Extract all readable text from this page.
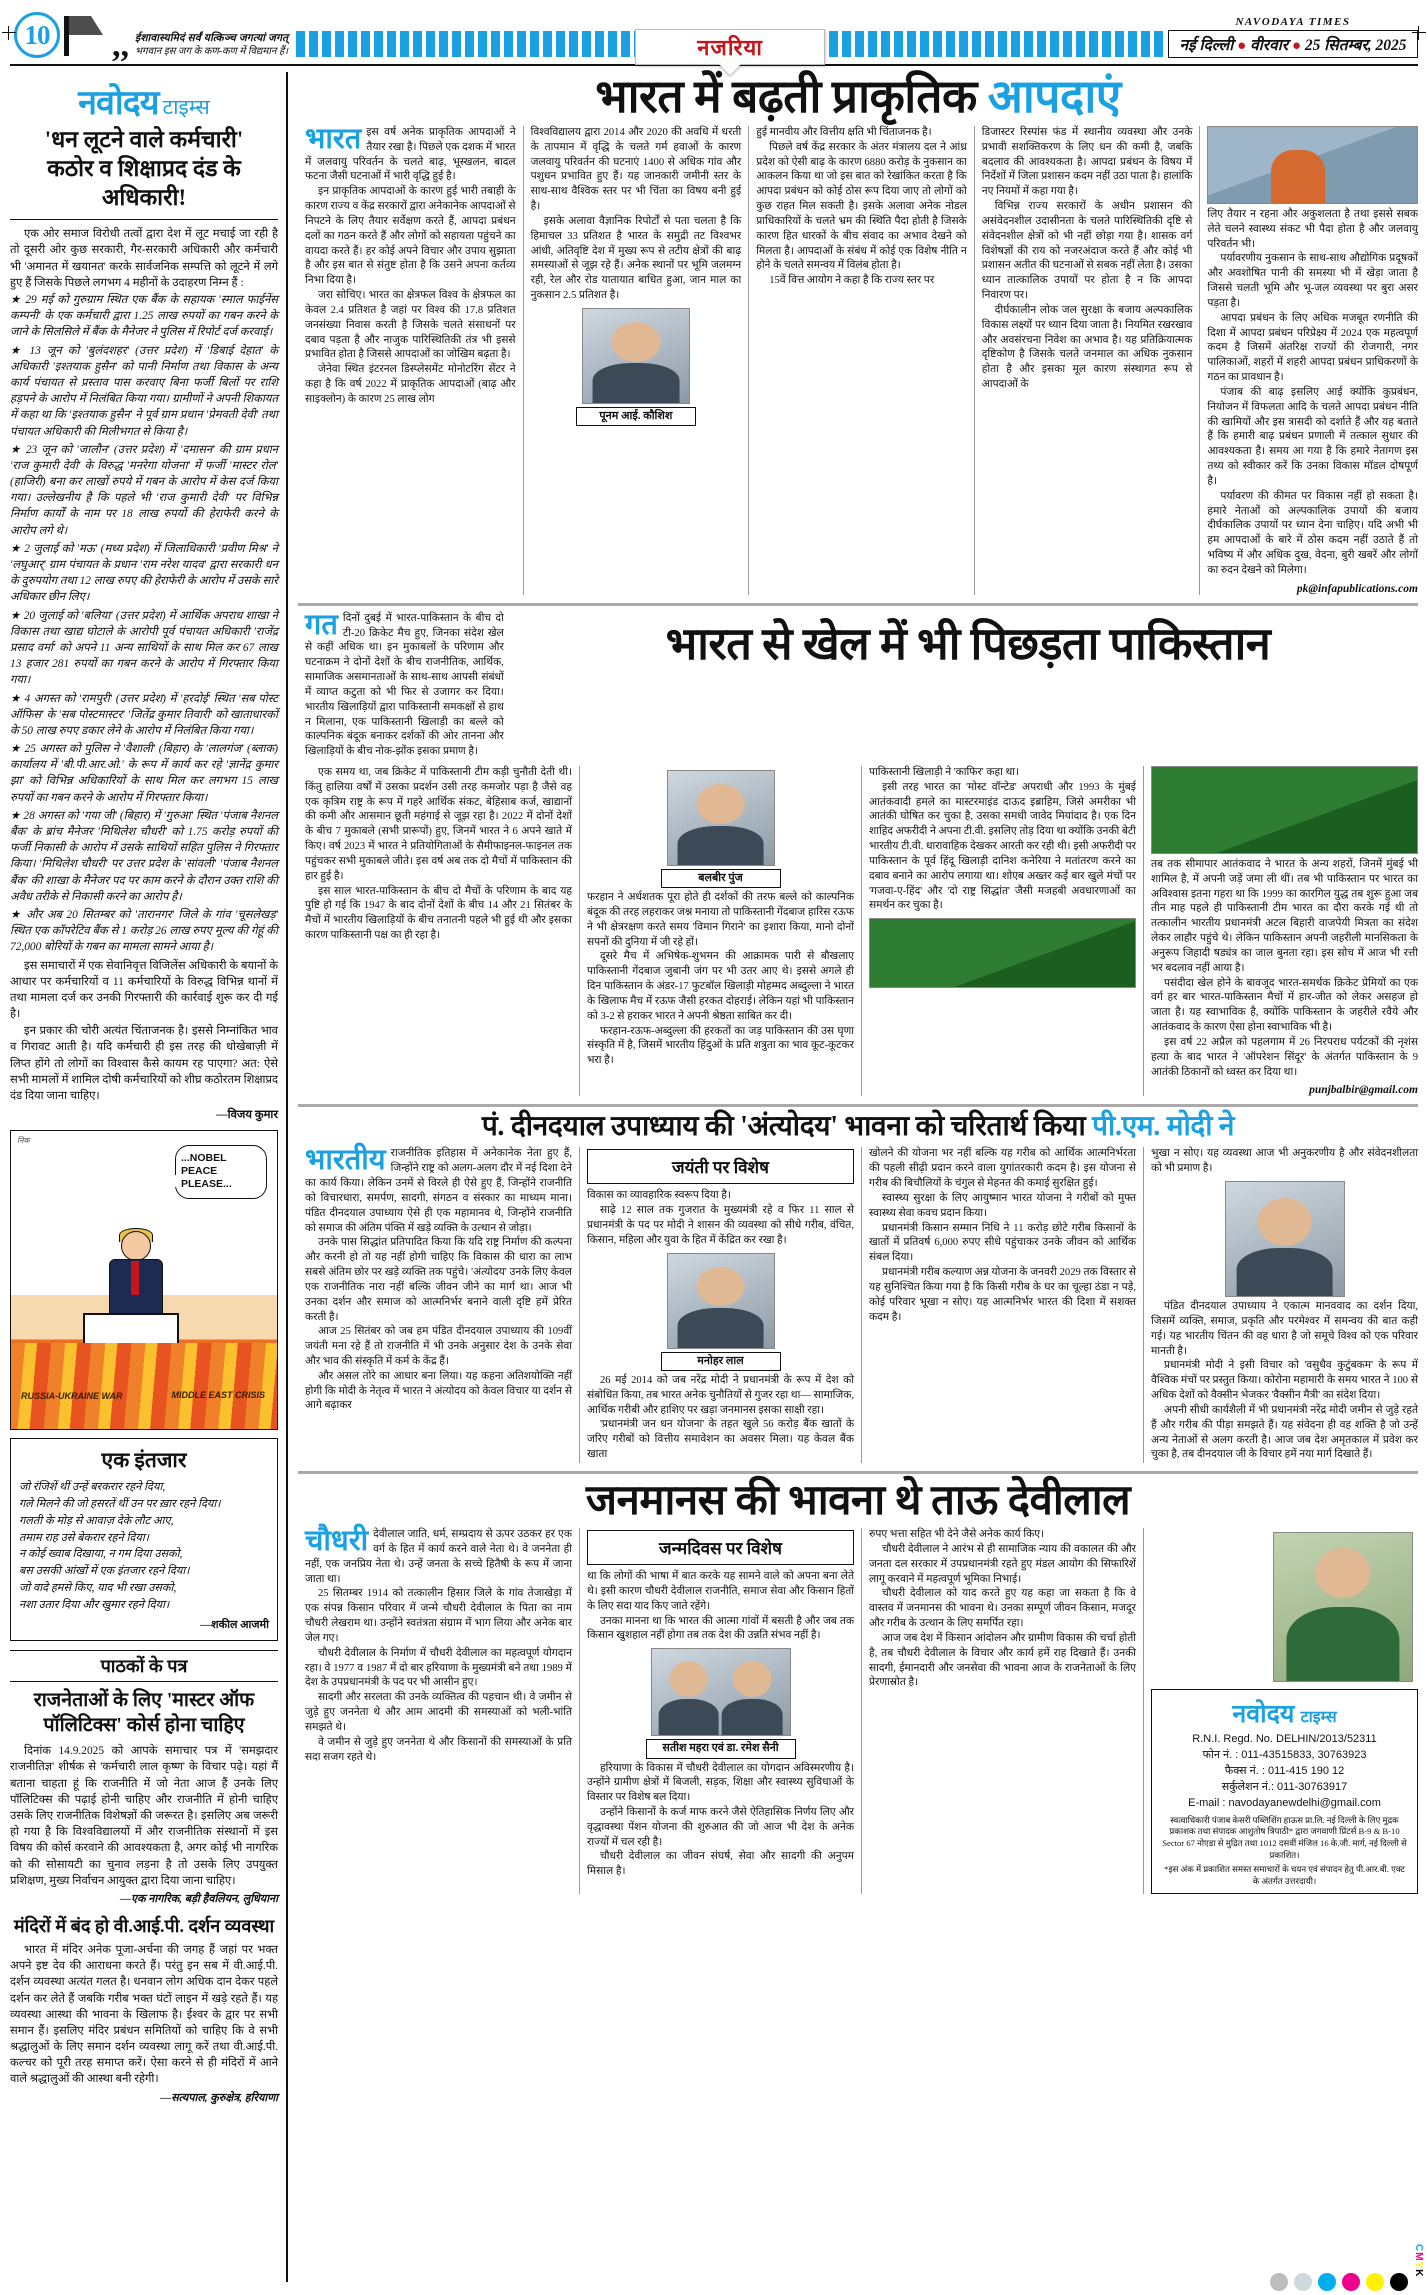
10	,, ईशावास्यमिदं सर्वं यत्किञ्च जगत्यां जगत्
भगवान इस जग के कण-कण में विद्यमान हैं।	नजरिया
NAVODAYA TIMES
नई दिल्ली ● वीरवार ● 25 सितम्बर, 2025
नवोदय टाइम्स
'धन लूटने वाले कर्मचारी'
कठोर व शिक्षाप्रद दंड के अधिकारी!

एक ओर समाज विरोधी तत्वों द्वारा देश में लूट मचाई जा रही है तो दूसरी ओर कुछ सरकारी, गैर-सरकारी अधिकारी और कर्मचारी भी 'अमानत में खयानत' करके सार्वजनिक सम्पत्ति को लूटने में लगे हुए हैं जिसके पिछले लगभग 4 महीनों के उदाहरण निम्न हैं :

★ 29 मई को गुरुग्राम स्थित एक बैंक के सहायक 'स्माल फाईनेंस कम्पनी' के एक कर्मचारी द्वारा 1.25 लाख रुपयों का गबन करने के जाने के सिलसिले में बैंक के मैनेजर ने पुलिस में रिपोर्ट दर्ज करवाई।

★ 13 जून को 'बुलंदशहर' (उत्तर प्रदेश) में 'डिबाई देहात' के अधिकारी 'इश्तयाक हुसैन' को पानी निर्माण तथा विकास के अन्य कार्य पंचायत से प्रस्ताव पास करवाए बिना फर्जी बिलों पर राशि हड़पने के आरोप में निलंबित किया गया। ग्रामीणों ने अपनी शिकायत में कहा था कि 'इश्तयाक हुसैन' ने पूर्व ग्राम प्रधान 'प्रेमवती देवी' तथा पंचायत अधिकारी की मिलीभगत से किया है।

★ 23 जून को 'जालौन' (उत्तर प्रदेश) में 'दमासन' की ग्राम प्रधान 'राज कुमारी देवी' के विरुद्ध 'मनरेगा योजना' में फर्जी 'मास्टर रोल' (हाजिरी) बना कर लाखों रुपये में गबन के आरोप में केस दर्ज किया गया। उल्लेखनीय है कि पहले भी 'राज कुमारी देवी' पर विभिन्न निर्माण कार्यों के नाम पर 18 लाख रुपयों की हेराफेरी करने के आरोप लगे थे।

★ 2 जुलाई को 'मऊ' (मध्य प्रदेश) में जिलाधिकारी 'प्रवीण मिश्र' ने 'लघुआर्' ग्राम पंचायत के प्रधान 'राम नरेश यादव' द्वारा सरकारी धन के दुरुपयोग तथा 12 लाख रुपए की हेराफेरी के आरोप में उसके सारे अधिकार छीन लिए।

★ 20 जुलाई को 'बलिया' (उत्तर प्रदेश) में आर्थिक अपराध शाखा ने विकास तथा खाद्य घोटाले के आरोपी पूर्व पंचायत अधिकारी 'राजेंद्र प्रसाद वर्मा' को अपने 11 अन्य साथियों के साथ मिल कर 67 लाख 13 हजार 281 रुपयों का गबन करने के आरोप में गिरफ्तार किया गया।

★ 4 अगस्त को 'रामपुरी' (उत्तर प्रदेश) में 'हरदोई' स्थित 'सब पोस्ट ऑफिस' के 'सब पोस्टमास्टर' 'जितेंद्र कुमार तिवारी' को खाताधारकों के 50 लाख रुपए डकार लेने के आरोप में निलंबित किया गया।

★ 25 अगस्त को पुलिस ने 'वैशाली' (बिहार) के 'लालगंज' (ब्लाक) कार्यालय में 'बी.पी.आर.ओ.' के रूप में कार्य कर रहे 'ज्ञानेंद्र कुमार झा' को विभिन्न अधिकारियों के साथ मिल कर लगभग 15 लाख रुपयों का गबन करने के आरोप में गिरफ्तार किया।

★ 28 अगस्त को 'गया जी' (बिहार) में 'गुरुआ' स्थित 'पंजाब नैशनल बैंक' के ब्रांच मैनेजर 'मिथिलेश चौधरी' को 1.75 करोड़ रुपयों की फर्जी निकासी के आरोप में उसके साथियों सहित पुलिस ने गिरफ्तार किया। 'मिथिलेश चौधरी' पर उत्तर प्रदेश के 'सांवली' 'पंजाब नैशनल बैंक' की शाखा के मैनेजर पद पर काम करने के दौरान उक्त राशि की अवैध तरीके से निकासी करने का आरोप है।

★ और अब 20 सितम्बर को 'तारानगर' जिले के गांव 'चूसलेखड़' स्थित एक कॉपरेटिव बैंक से 1 करोड़ 26 लाख रुपए मूल्य की गेहूं की 72,000 बोरियों के गबन का मामला सामने आया है।

इस समाचारों में एक सेवानिवृत्त विजिलेंस अधिकारी के बयानों के आधार पर कर्मचारियों व 11 कर्मचारियों के विरुद्ध विभिन्न थानों में तथा मामला दर्ज कर उनकी गिरफ्तारी की कार्रवाई शुरू कर दी गई है।

इन प्रकार की चोरी अत्यंत चिंताजनक है। इससे निम्नांकित भाव व गिरावट आती है। यदि कर्मचारी ही इस तरह की धोखेबाज़ी में लिप्त होंगे तो लोगों का विश्वास कैसे कायम रह पाएगा? अत: ऐसे सभी मामलों में शामिल दोषी कर्मचारियों को शीघ्र कठोरतम शिक्षाप्रद दंड दिया जाना चाहिए।

—विजय कुमार
निक
...NOBEL PEACE PLEASE...
RUSSIA-UKRAINE WAR	MIDDLE EAST CRISIS
एक इंतजार
जो रंजिशें थीं उन्हें बरकरार रहने दिया,
गले मिलने की जो हसरतें थीं उन पर ख़ार रहने दिया।
गलती के मोड़ से आवाज़ देके लौट आए,
तमाम राह उसे बेकरार रहने दिया।
न कोई ख्वाब दिखाया, न गम दिया उसको,
बस उसकी आंखों में एक इंतजार रहने दिया।
जो वादे हमसे किए, याद भी रखा उसको,
नशा उतार दिया और खुमार रहने दिया।
—शकील आजमी
पाठकों के पत्र
राजनेताओं के लिए 'मास्टर ऑफ
पॉलिटिक्स' कोर्स होना चाहिए

दिनांक 14.9.2025 को आपके समाचार पत्र में 'समझदार राजनीतिज्ञ' शीर्षक से 'कर्मचारी लाल कृष्ण' के विचार पढ़े। यहां मैं बताना चाहता हूं कि राजनीति में जो नेता आज हैं उनके लिए पॉलिटिक्स की पढ़ाई होनी चाहिए और राजनीति में होनी चाहिए उसके लिए राजनीतिक विशेषज्ञों की जरूरत है। इसलिए अब जरूरी हो गया है कि विश्वविद्यालयों में और राजनीतिक संस्थानों में इस विषय की कोर्स करवाने की आवश्यकता है, अगर कोई भी नागरिक को की सोसायटी का चुनाव लड़ना है तो उसके लिए उपयुक्त प्रशिक्षण, मुख्य निर्वाचन आयुक्त द्वारा दिया जाना चाहिए।

—एक नागरिक, बड़ी हैवलियन, लुधियाना
मंदिरों में बंद हो वी.आई.पी. दर्शन व्यवस्था

भारत में मंदिर अनेक पूजा-अर्चना की जगह हैं जहां पर भक्त अपने इष्ट देव की आराधना करते हैं। परंतु इन सब में वी.आई.पी. दर्शन व्यवस्था अत्यंत गलत है। धनवान लोग अधिक दान देकर पहले दर्शन कर लेते हैं जबकि गरीब भक्त घंटों लाइन में खड़े रहते हैं। यह व्यवस्था आस्था की भावना के खिलाफ है। ईश्वर के द्वार पर सभी समान हैं। इसलिए मंदिर प्रबंधन समितियों को चाहिए कि वे सभी श्रद्धालुओं के लिए समान दर्शन व्यवस्था लागू करें तथा वी.आई.पी. कल्चर को पूरी तरह समाप्त करें। ऐसा करने से ही मंदिरों में आने वाले श्रद्धालुओं की आस्था बनी रहेगी।

—सत्यपाल, कुरुक्षेत्र, हरियाणा
भारत में बढ़ती प्राकृतिक आपदाएं

भारत इस वर्ष अनेक प्राकृतिक आपदाओं ने तैयार रखा है। पिछले एक दशक में भारत में जलवायु परिवर्तन के चलते बाढ़, भूस्खलन, बादल फटना जैसी घटनाओं में भारी वृद्धि हुई है।

इन प्राकृतिक आपदाओं के कारण हुई भारी तबाही के कारण राज्य व केंद्र सरकारों द्वारा अनेकानेक आपदाओं से निपटने के लिए तैयार सर्वेक्षण करते हैं, आपदा प्रबंधन दलों का गठन करते हैं और लोगों को सहायता पहुंचने का वायदा करते हैं। हर कोई अपने विचार और उपाय सुझाता है और इस बात से संतुष्ट होता है कि उसने अपना कर्तव्य निभा दिया है।

जरा सोचिए। भारत का क्षेत्रफल विश्व के क्षेत्रफल का केवल 2.4 प्रतिशत है जहां पर विश्व की 17.8 प्रतिशत जनसंख्या निवास करती है जिसके चलते संसाधनों पर दबाव पड़ता है और नाजुक पारिस्थितिकी तंत्र भी इससे प्रभावित होता है जिससे आपदाओं का जोखिम बढ़ता है।

जेनेवा स्थित इंटरनल डिस्प्लेसमेंट मोनोटरिंग सेंटर ने कहा है कि वर्ष 2022 में प्राकृतिक आपदाओं (बाढ़ और साइक्लोन) के कारण 25 लाख लोग

विश्वविद्यालय द्वारा 2014 और 2020 की अवधि में धरती के तापमान में वृद्धि के चलते गर्म हवाओं के कारण जलवायु परिवर्तन की घटनाएं 1400 से अधिक गांव और पशुधन प्रभावित हुए हैं। यह जानकारी जमीनी स्तर के साथ-साथ वैश्विक स्तर पर भी चिंता का विषय बनी हुई है।

इसके अलावा वैज्ञानिक रिपोर्टों से पता चलता है कि हिमाचल 33 प्रतिशत है भारत के समुद्री तट विश्वभर आंधी, अतिवृष्टि देश में मुख्य रूप से तटीय क्षेत्रों की बाढ़ समस्याओं से जूझ रहे हैं। अनेक स्थानों पर भूमि जलमग्न रही, रेल और रोड यातायात बाधित हुआ, जान माल का नुकसान 2.5 प्रतिशत है।

पूनम आई. कौशिश

हुई मानवीय और वित्तीय क्षति भी चिंताजनक है।

पिछले वर्ष केंद्र सरकार के अंतर मंत्रालय दल ने आंध्र प्रदेश को ऐसी बाढ़ के कारण 6880 करोड़ के नुकसान का आकलन किया था जो इस बात को रेखांकित करता है कि आपदा प्रबंधन को कोई ठोस रूप दिया जाए तो लोगों को कुछ राहत मिल सकती है। इसके अलावा अनेक नोडल प्राधिकारियों के चलते भ्रम की स्थिति पैदा होती है जिसके कारण हित धारकों के बीच संवाद का अभाव देखने को मिलता है। आपदाओं के संबंध में कोई एक विशेष नीति न होने के चलते समन्वय में विलंब होता है।

15वें वित्त आयोग ने कहा है कि राज्य स्तर पर

डिजास्टर रिस्पांस फंड में स्थानीय व्यवस्था और उनके प्रभावी सशक्तिकरण के लिए धन की कमी है, जबकि बदलाव की आवश्यकता है। आपदा प्रबंधन के विषय में निर्देशों में जिला प्रशासन कदम नहीं उठा पाता है। हालांकि नए नियमों में कहा गया है।

विभिन्न राज्य सरकारों के अधीन प्रशासन की असंवेदनशील उदासीनता के चलते पारिस्थितिकी दृष्टि से संवेदनशील क्षेत्रों को भी नहीं छोड़ा गया है। शासक वर्ग विशेषज्ञों की राय को नजरअंदाज करते हैं और कोई भी प्रशासन अतीत की घटनाओं से सबक नहीं लेता है। उसका ध्यान तात्कालिक उपायों पर होता है न कि आपदा निवारण पर।

दीर्घकालीन लोक जल सुरक्षा के बजाय अल्पकालिक विकास लक्ष्यों पर ध्यान दिया जाता है। नियमित रखरखाव और अवसंरचना निवेश का अभाव है। यह प्रतिक्रियात्मक दृष्टिकोण है जिसके चलते जनमाल का अधिक नुकसान होता है और इसका मूल कारण संस्थागत रूप से आपदाओं के

लिए तैयार न रहना और अकुशलता है तथा इससे सबक लेते चलने स्वास्थ्य संकट भी पैदा होता है और जलवायु परिवर्तन भी।

पर्यावरणीय नुकसान के साथ-साथ औद्योगिक प्रदूषकों और अवशोषित पानी की समस्या भी में खेड़ा जाता है जिससे चलती भूमि और भू-जल व्यवस्था पर बुरा असर पड़ता है।

आपदा प्रबंधन के लिए अधिक मजबूत रणनीति की दिशा में आपदा प्रबंधन परिप्रेक्ष्य में 2024 एक महत्वपूर्ण कदम है जिसमें अंतरिक्ष राज्यों की रोजगारी, नगर पालिकाओं, शहरों में शहरी आपदा प्रबंधन प्राधिकरणों के गठन का प्रावधान है।

पंजाब की बाढ़ इसलिए आई क्योंकि कुप्रबंधन, नियोजन में विफलता आदि के चलते आपदा प्रबंधन नीति की खामियों और इस त्रासदी को दर्शाते हैं और यह बताते हैं कि हमारी बाढ़ प्रबंधन प्रणाली में तत्काल सुधार की आवश्यकता है। समय आ गया है कि हमारे नेतागण इस तथ्य को स्वीकार करें कि उनका विकास मॉडल दोषपूर्ण है।

पर्यावरण की कीमत पर विकास नहीं हो सकता है। हमारे नेताओं को अल्पकालिक उपायों की बजाय दीर्घकालिक उपायों पर ध्यान देना चाहिए। यदि अभी भी हम आपदाओं के बारे में ठोस कदम नहीं उठाते हैं तो भविष्य में और अधिक दुख, वेदना, बुरी खबरें और लोगों का रुदन देखने को मिलेगा।

pk@infapublications.com

गत दिनों दुबई में भारत-पाकिस्तान के बीच दो टी-20 क्रिकेट मैच हुए, जिनका संदेश खेल से कहीं अधिक था। इन मुकाबलों के परिणाम और घटनाक्रम ने दोनों देशों के बीच राजनीतिक, आर्थिक, सामाजिक असमानताओं के साथ-साथ आपसी संबंधों में व्याप्त कटुता को भी फिर से उजागर कर दिया। भारतीय खिलाड़ियों द्वारा पाकिस्तानी समकक्षों से हाथ न मिलाना, एक पाकिस्तानी खिलाड़ी का बल्ले को काल्पनिक बंदूक बनाकर दर्शकों की ओर तानना और खिलाड़ियों के बीच नोक-झोंक इसका प्रमाण है।

भारत से खेल में भी पिछड़ता पाकिस्तान

एक समय था, जब क्रिकेट में पाकिस्तानी टीम कड़ी चुनौती देती थी। किंतु हालिया वर्षों में उसका प्रदर्शन उसी तरह कमजोर पड़ा है जैसे वह एक कृत्रिम राष्ट्र के रूप में गहरे आर्थिक संकट, बेहिसाब कर्ज, खाद्यानों की कमी और आसमान छूती महंगाई से जूझ रहा है। 2022 में दोनों देशों के बीच 7 मुकाबले (सभी प्रारूपों) हुए, जिनमें भारत ने 6 अपने खाते में किए। वर्ष 2023 में भारत ने प्रतियोगिताओं के सैमीफाइनल-फाइनल तक पहुंचकर सभी मुकाबले जीते। इस वर्ष अब तक दो मैचों में पाकिस्तान की हार हुई है।

इस साल भारत-पाकिस्तान के बीच दो मैचों के परिणाम के बाद यह पुष्टि हो गई कि 1947 के बाद दोनों देशों के बीच 14 और 21 सितंबर के मैचों में भारतीय खिलाड़ियों के बीच तनातनी पहले भी हुई थी और इसका कारण पाकिस्तानी पक्ष का ही रहा है।

बलबीर पुंज

फरहान ने अर्धशतक पूरा होते ही दर्शकों की तरफ बल्ले को काल्पनिक बंदूक की तरह लहराकर जश्न मनाया तो पाकिस्तानी गेंदबाज हारिस रऊफ ने भी क्षेत्ररक्षण करते समय 'विमान गिराने' का इशारा किया, मानो दोनों सपनों की दुनिया में जी रहे हों।

दूसरे मैच में अभिषेक-शुभमन की आक्रामक पारी से बौखलाए पाकिस्तानी गेंदबाज जुबानी जंग पर भी उतर आए थे। इससे अगले ही दिन पाकिस्तान के अंडर-17 फुटबॉल खिलाड़ी मोहम्मद अब्दुल्ला ने भारत के खिलाफ मैच में रऊफ जैसी हरकत दोहराई। लेकिन यहां भी पाकिस्तान को 3-2 से हराकर भारत ने अपनी श्रेष्ठता साबित कर दी।

फरहान-रऊफ-अब्दुल्ला की हरकतों का जड़ पाकिस्तान की उस घृणा संस्कृति में है, जिसमें भारतीय हिंदुओं के प्रति शत्रुता का भाव कूट-कूटकर भरा है।

पाकिस्तानी खिलाड़ी ने 'काफिर' कहा था।

इसी तरह भारत का 'मोस्ट वॉन्टेड' अपराधी और 1993 के मुंबई आतंकवादी हमले का मास्टरमाइंड दाऊद इब्राहिम, जिसे अमरीका भी आतंकी घोषित कर चुका है, उसका समधी जावेद मियांदाद है। एक दिन शाहिद अफरीदी ने अपना टी.वी. इसलिए तोड़ दिया था क्योंकि उनकी बेटी भारतीय टी.वी. धारावाहिक देखकर आरती कर रही थी। इसी अफरीदी पर पाकिस्तान के पूर्व हिंदू खिलाड़ी दानिश कनेरिया ने मतांतरण करने का दबाव बनाने का आरोप लगाया था। शोएब अख्तर कई बार खुले मंचों पर 'गजवा-ए-हिंद' और 'दो राष्ट्र सिद्धांत' जैसी मजहबी अवधारणाओं का समर्थन कर चुका है।

तब तक सीमापार आतंकवाद ने भारत के अन्य शहरों, जिनमें मुंबई भी शामिल है, में अपनी जड़ें जमा ली थीं। तब भी पाकिस्तान पर भारत का अविश्वास इतना गहरा था कि 1999 का कारगिल युद्ध तब शुरू हुआ जब तीन माह पहले ही पाकिस्तानी टीम भारत का दौरा करके गई थी तो तत्कालीन भारतीय प्रधानमंत्री अटल बिहारी वाजपेयी मित्रता का संदेश लेकर लाहौर पहुंचे थे। लेकिन पाकिस्तान अपनी जहरीली मानसिकता के अनुरूप जिहादी षड्यंत्र का जाल बुनता रहा। इस सोच में आज भी रत्ती भर बदलाव नहीं आया है।

पसंदीदा खेल होने के बावजूद भारत-समर्थक क्रिकेट प्रेमियों का एक वर्ग हर बार भारत-पाकिस्तान मैचों में हार-जीत को लेकर असहज हो जाता है। यह स्वाभाविक है, क्योंकि पाकिस्तान के जहरीले रवैये और आतंकवाद के कारण ऐसा होना स्वाभाविक भी है।

इस वर्ष 22 अप्रैल को पहलगाम में 26 निरपराध पर्यटकों की नृशंस हत्या के बाद भारत ने 'ऑपरेशन सिंदूर' के अंतर्गत पाकिस्तान के 9 आतंकी ठिकानों को ध्वस्त कर दिया था।

punjbalbir@gmail.com
पं. दीनदयाल उपाध्याय की 'अंत्योदय' भावना को चरितार्थ किया पी.एम. मोदी ने

भारतीय राजनीतिक इतिहास में अनेकानेक नेता हुए हैं, जिन्होंने राष्ट्र को अलग-अलग दौर में नई दिशा देने का कार्य किया। लेकिन उनमें से विरले ही ऐसे हुए हैं, जिन्होंने राजनीति को विचारधारा, समर्पण, सादगी, संगठन व संस्कार का माध्यम माना। पंडित दीनदयाल उपाध्याय ऐसे ही एक महामानव थे, जिन्होंने राजनीति को समाज की अंतिम पंक्ति में खड़े व्यक्ति के उत्थान से जोड़ा।

उनके पास सिद्धांत प्रतिपादित किया कि यदि राष्ट्र निर्माण की कल्पना और करनी हो तो यह नहीं होगी चाहिए कि विकास की धारा का लाभ सबसे अंतिम छोर पर खड़े व्यक्ति तक पहुंचे। 'अंत्योदय' उनके लिए केवल एक राजनीतिक नारा नहीं बल्कि जीवन जीने का मार्ग था। आज भी उनका दर्शन और समाज को आत्मनिर्भर बनाने वाली दृष्टि हमें प्रेरित करती है।

आज 25 सितंबर को जब हम पंडित दीनदयाल उपाध्याय की 109वीं जयंती मना रहे हैं तो राजनीति में भी उनके अनुसार देश के उनके सेवा और भाव की संस्कृति में कर्म के केंद्र हैं।

और असल तोरे का आधार बना लिया। यह कहना अतिशयोक्ति नहीं होगी कि मोदी के नेतृत्व में भारत ने अंत्योदय को केवल विचार या दर्शन से आगे बढ़ाकर

जयंती पर विशेष

विकास का व्यावहारिक स्वरूप दिया है।

साढ़े 12 साल तक गुजरात के मुख्यमंत्री रहे व फिर 11 साल से प्रधानमंत्री के पद पर मोदी ने शासन की व्यवस्था को सीधे गरीब, वंचित, किसान, महिला और युवा के हित में केंद्रित कर रखा है।

मनोहर लाल

26 मई 2014 को जब नरेंद्र मोदी ने प्रधानमंत्री के रूप में देश को संबोधित किया, तब भारत अनेक चुनौतियों से गुजर रहा था— सामाजिक, आर्थिक गरीबी और हाशिए पर खड़ा जनमानस इसका साक्षी रहा।

'प्रधानमंत्री जन धन योजना' के तहत खुले 56 करोड़ बैंक खातों के जरिए गरीबों को वित्तीय समावेशन का अवसर मिला। यह केवल बैंक खाता

खोलने की योजना भर नहीं बल्कि यह गरीब को आर्थिक आत्मनिर्भरता की पहली सीढ़ी प्रदान करने वाला युगांतरकारी कदम है। इस योजना से गरीब की बिचौलियों के चंगुल से मेहनत की कमाई सुरक्षित हुई।

स्वास्थ्य सुरक्षा के लिए आयुष्मान भारत योजना ने गरीबों को मुफ्त स्वास्थ्य सेवा कवच प्रदान किया।

प्रधानमंत्री किसान सम्मान निधि ने 11 करोड़ छोटे गरीब किसानों के खातों में प्रतिवर्ष 6,000 रुपए सीधे पहुंचाकर उनके जीवन को आर्थिक संबल दिया।

प्रधानमंत्री गरीब कल्याण अन्न योजना के जनवरी 2029 तक विस्तार से यह सुनिश्चित किया गया है कि किसी गरीब के घर का चूल्हा ठंडा न पड़े, कोई परिवार भूखा न सोए। यह आत्मनिर्भर भारत की दिशा में सशक्त कदम है।

भुखा न सोए। यह व्यवस्था आज भी अनुकरणीय है और संवेदनशीलता को भी प्रमाण है।

पंडित दीनदयाल उपाध्याय ने एकात्म मानववाद का दर्शन दिया, जिसमें व्यक्ति, समाज, प्रकृति और परमेश्वर में समन्वय की बात कही गई। यह भारतीय चिंतन की वह धारा है जो समूचे विश्व को एक परिवार मानती है।

प्रधानमंत्री मोदी ने इसी विचार को 'वसुधैव कुटुंबकम' के रूप में वैश्विक मंचों पर प्रस्तुत किया। कोरोना महामारी के समय भारत ने 100 से अधिक देशों को वैक्सीन भेजकर 'वैक्सीन मैत्री' का संदेश दिया।

अपनी सीधी कार्यशैली में भी प्रधानमंत्री नरेंद्र मोदी जमीन से जुड़े रहते हैं और गरीब की पीड़ा समझते हैं। यह संवेदना ही वह शक्ति है जो उन्हें अन्य नेताओं से अलग करती है। आज जब देश अमृतकाल में प्रवेश कर चुका है, तब दीनदयाल जी के विचार हमें नया मार्ग दिखाते हैं।

जनमानस की भावना थे ताऊ देवीलाल

चौधरी देवीलाल जाति, धर्म, सम्प्रदाय से ऊपर उठकर हर एक वर्ग के हित में कार्य करने वाले नेता थे। वे जननेता ही नहीं, एक जनप्रिय नेता थे। उन्हें जनता के सच्चे हितैषी के रूप में जाना जाता था।

25 सितम्बर 1914 को तत्कालीन हिसार जिले के गांव तेजाखेड़ा में एक संपन्न किसान परिवार में जन्मे चौधरी देवीलाल के पिता का नाम चौधरी लेखराम था। उन्होंने स्वतंत्रता संग्राम में भाग लिया और अनेक बार जेल गए।

चौधरी देवीलाल के निर्माण में चौधरी देवीलाल का महत्वपूर्ण योगदान रहा। वे 1977 व 1987 में दो बार हरियाणा के मुख्यमंत्री बने तथा 1989 में देश के उपप्रधानमंत्री के पद पर भी आसीन हुए।

सादगी और सरलता की उनके व्यक्तित्व की पहचान थी। वे जमीन से जुड़े हुए जननेता थे और आम आदमी की समस्याओं को भली-भांति समझते थे।

वे जमीन से जुड़े हुए जननेता थे और किसानों की समस्याओं के प्रति सदा सजग रहते थे।

जन्मदिवस पर विशेष

था कि लोगों की भाषा में बात करके यह सामने वाले को अपना बना लेते थे। इसी कारण चौधरी देवीलाल राजनीति, समाज सेवा और किसान हितों के लिए सदा याद किए जाते रहेंगे।

उनका मानना था कि भारत की आत्मा गांवों में बसती है और जब तक किसान खुशहाल नहीं होगा तब तक देश की उन्नति संभव नहीं है।

सतीश महरा एवं डा. रमेश सैनी

हरियाणा के विकास में चौधरी देवीलाल का योगदान अविस्मरणीय है। उन्होंने ग्रामीण क्षेत्रों में बिजली, सड़क, शिक्षा और स्वास्थ्य सुविधाओं के विस्तार पर विशेष बल दिया।

उन्होंने किसानों के कर्ज माफ करने जैसे ऐतिहासिक निर्णय लिए और वृद्धावस्था पेंशन योजना की शुरुआत की जो आज भी देश के अनेक राज्यों में चल रही है।

चौधरी देवीलाल का जीवन संघर्ष, सेवा और सादगी की अनुपम मिसाल है।

रुपए भत्ता सहित भी देने जैसे अनेक कार्य किए।

चौधरी देवीलाल ने आरंभ से ही सामाजिक न्याय की वकालत की और जनता दल सरकार में उपप्रधानमंत्री रहते हुए मंडल आयोग की सिफारिशें लागू करवाने में महत्वपूर्ण भूमिका निभाई।

चौधरी देवीलाल को याद करते हुए यह कहा जा सकता है कि वे वास्तव में जनमानस की भावना थे। उनका सम्पूर्ण जीवन किसान, मजदूर और गरीब के उत्थान के लिए समर्पित रहा।

आज जब देश में किसान आंदोलन और ग्रामीण विकास की चर्चा होती है, तब चौधरी देवीलाल के विचार और कार्य हमें राह दिखाते हैं। उनकी सादगी, ईमानदारी और जनसेवा की भावना आज के राजनेताओं के लिए प्रेरणास्रोत है।

नवोदय टाइम्स
R.N.I. Regd. No. DELHIN/2013/52311
फोन नं. : 011-43515833, 30763923
फैक्स नं. : 011-415 190 12
सर्कुलेशन नं.: 011-30763917
E-mail : navodayanewdelhi@gmail.com
स्वत्वाधिकारी पंजाब केसरी पब्लिशिंग हाऊस प्रा.लि. नई दिल्ली के लिए मुद्रक प्रकाशक तथा संपादक आशुतोष त्रिपाठी* द्वारा जगवाणी प्रिंटर्स B-9 & B-10 Sector 67 नोएडा से मुद्रित तथा 1012 दसवीं मंजिल 16 के.जी. मार्ग, नई दिल्ली से प्रकाशित।
*इस अंक में प्रकाशित समस्त समाचारों के चयन एवं संपादन हेतु पी.आर.बी. एक्ट के अंतर्गत उत्तरदायी।
CMYK
